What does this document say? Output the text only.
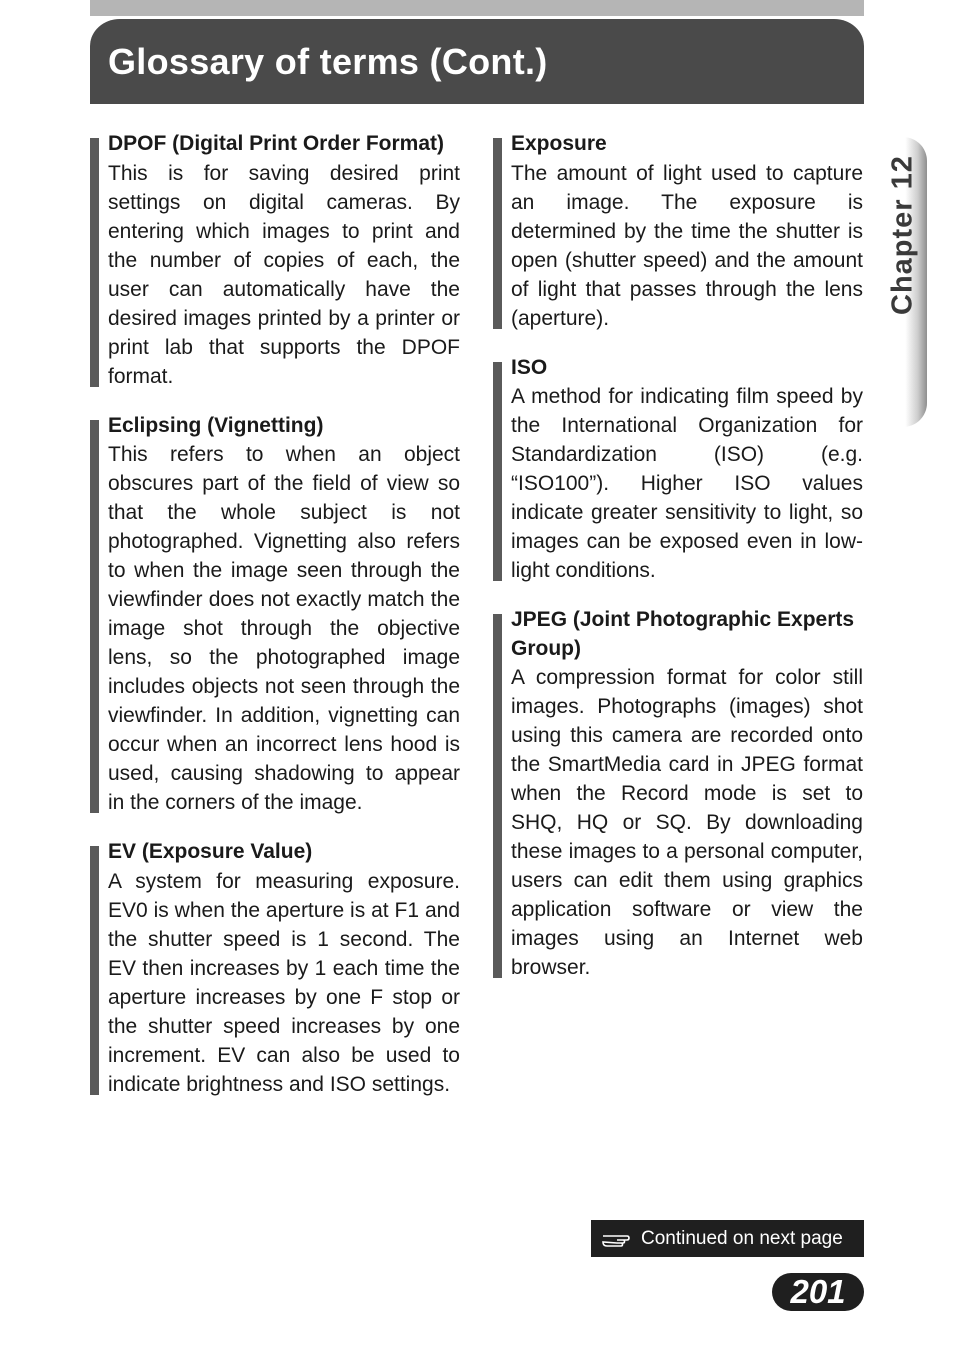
Glossary of terms (Cont.)
Chapter 12

DPOF (Digital Print Order Format)

This is for saving desired print settings on digital cameras. By entering which images to print and the number of copies of each, the user can automatically have the desired images printed by a printer or print lab that supports the DPOF format.

Eclipsing (Vignetting)

This refers to when an object obscures part of the field of view so that the whole subject is not photographed. Vignetting also refers to when the image seen through the viewfinder does not exactly match the image shot through the objective lens, so the photographed image includes objects not seen through the viewfinder. In addition, vignetting can occur when an incorrect lens hood is used, causing shadowing to appear in the corners of the image.

EV (Exposure Value)

A system for measuring exposure. EV0 is when the aperture is at F1 and the shutter speed is 1 second. The EV then increases by 1 each time the aperture increases by one F stop or the shutter speed increases by one increment. EV can also be used to indicate brightness and ISO settings.

Exposure

The amount of light used to capture an image. The exposure is determined by the time the shutter is open (shutter speed) and the amount of light that passes through the lens (aperture).

ISO

A method for indicating film speed by the International Organization for Standardization (ISO) (e.g. “ISO100”). Higher ISO values indicate greater sensitivity to light, so images can be exposed even in low-light conditions.

JPEG (Joint Photographic Experts Group)

A compression format for color still images. Photographs (images) shot using this camera are recorded onto the SmartMedia card in JPEG format when the Record mode is set to SHQ, HQ or SQ. By downloading these images to a personal computer, users can edit them using graphics application software or view the images using an Internet web browser.

Continued on next page
201
